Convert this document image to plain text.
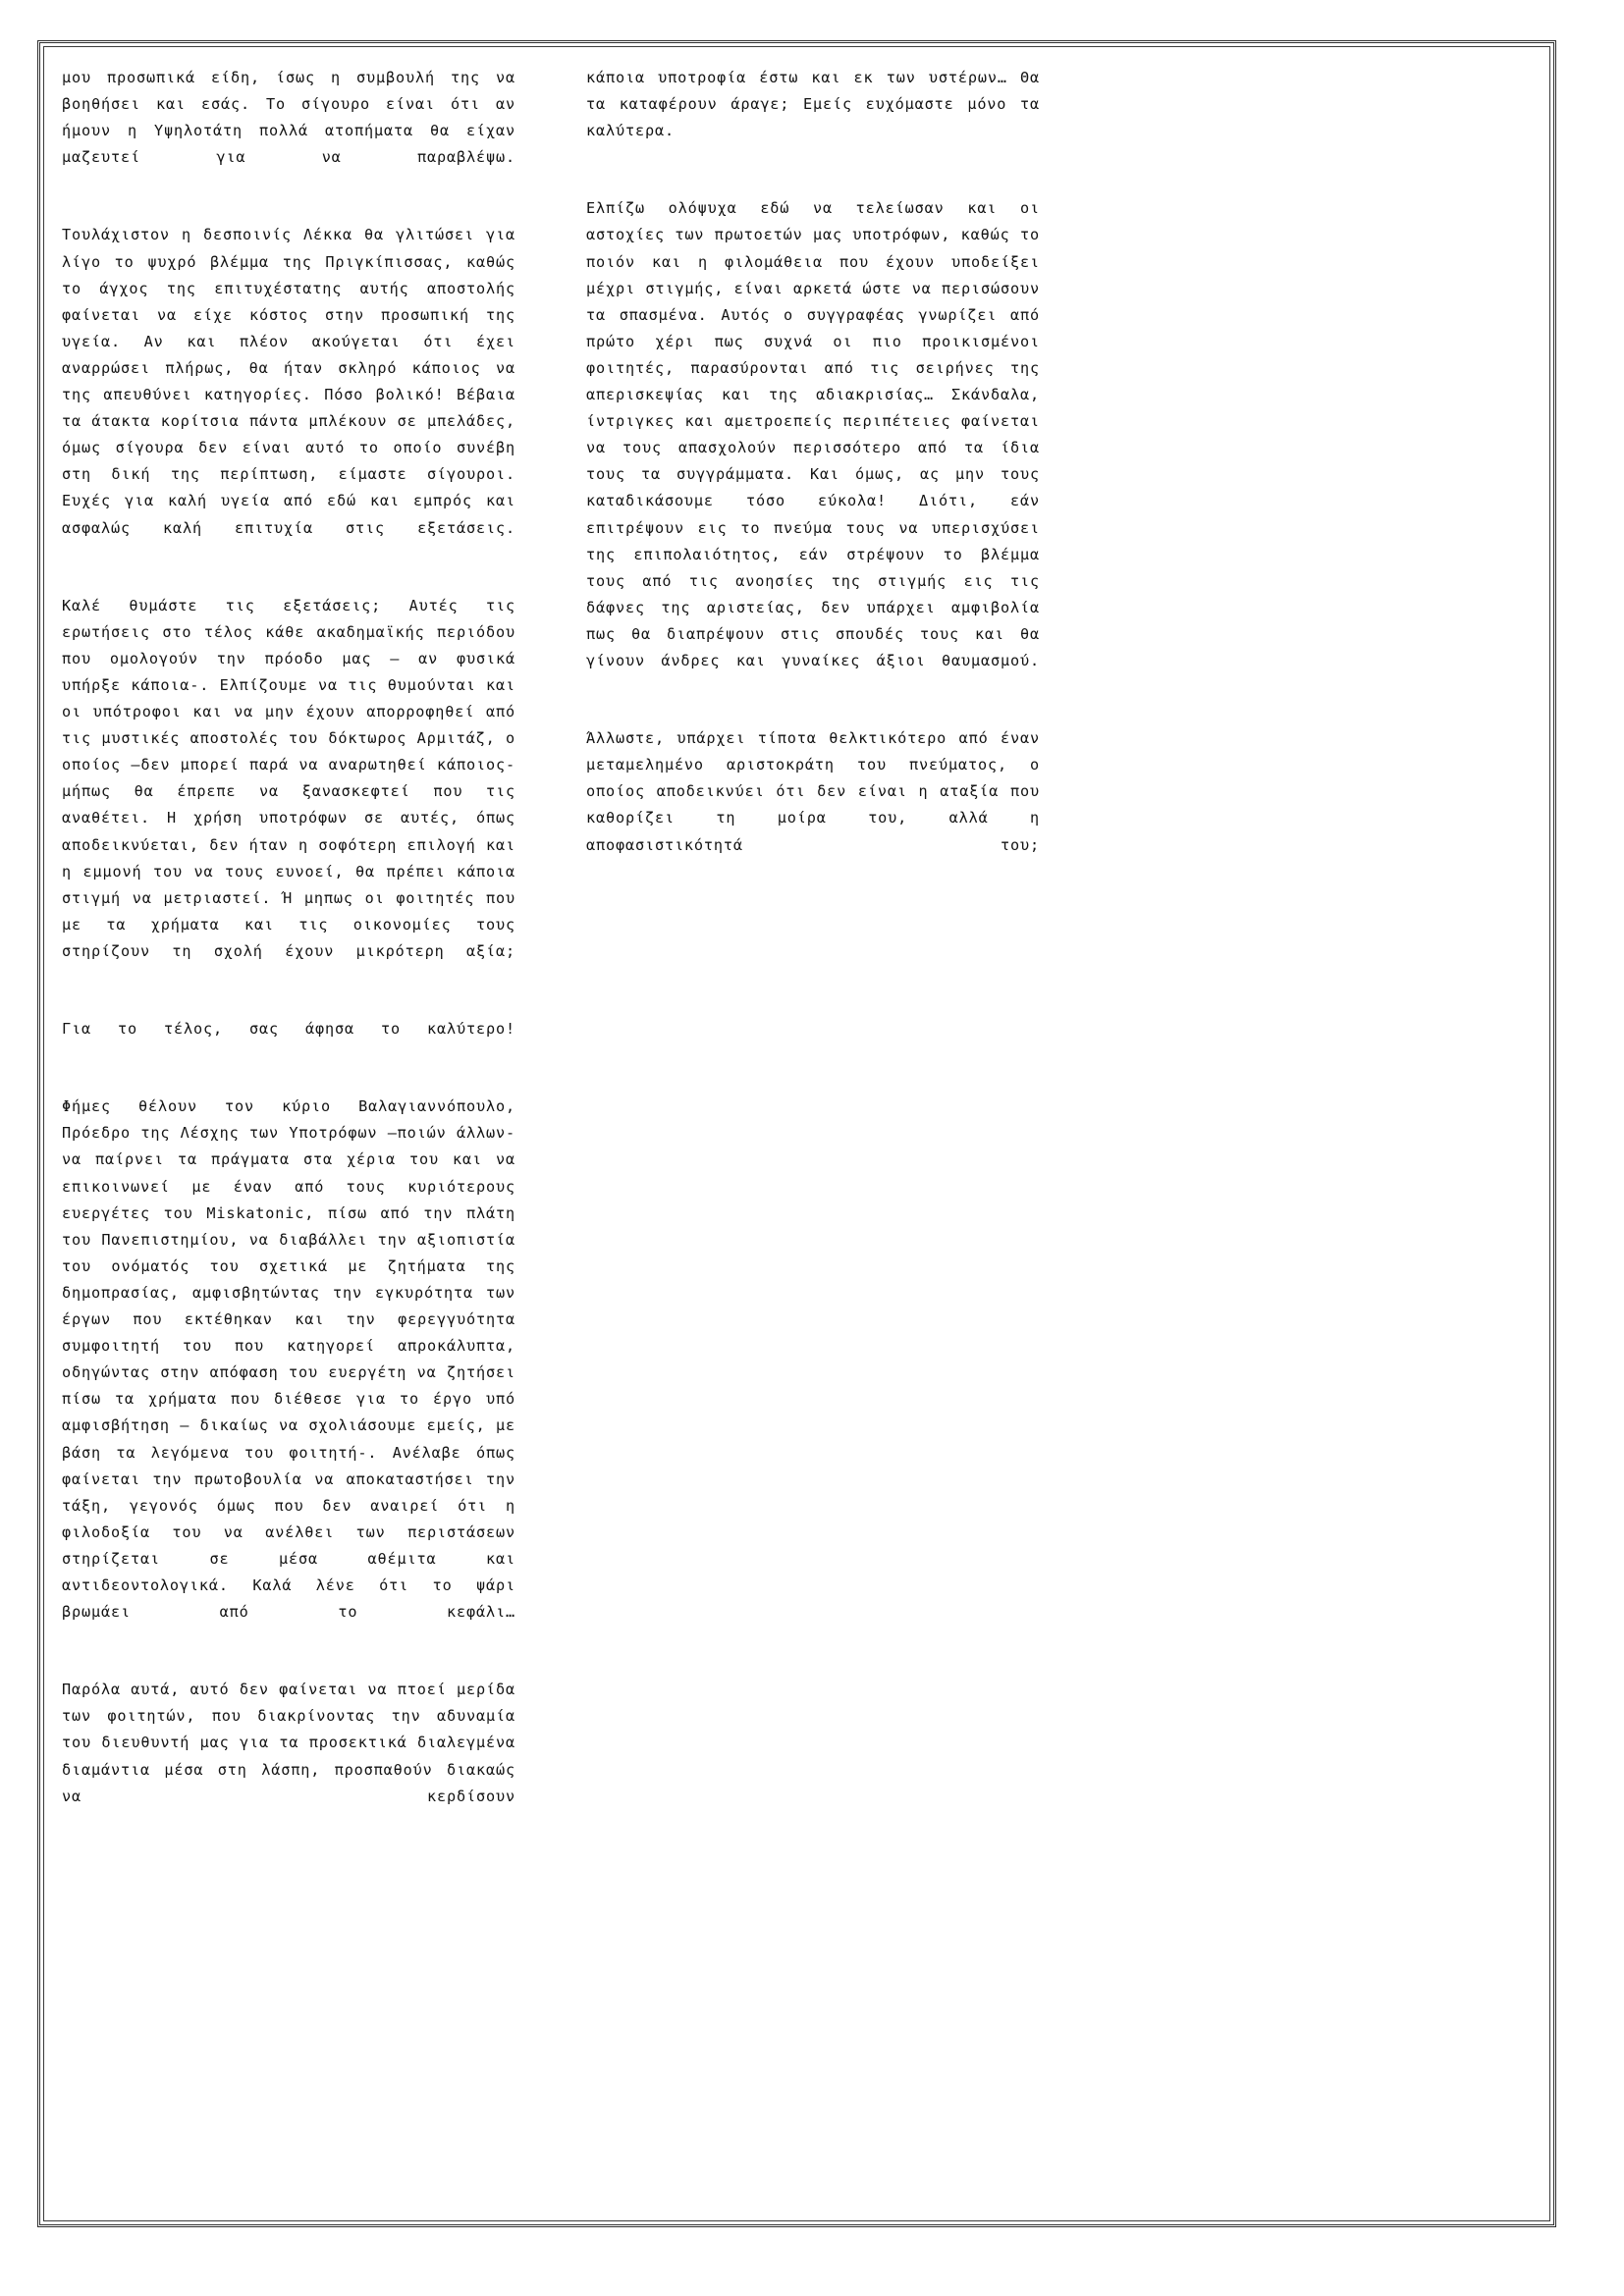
μου προσωπικά είδη, ίσως η συμβουλή της να βοηθήσει και εσάς. Το σίγουρο είναι ότι αν ήμουν η Υψηλοτάτη πολλά ατοπήματα θα είχαν μαζευτεί για να παραβλέψω.

Τουλάχιστον η δεσποινίς Λέκκα θα γλιτώσει για λίγο το ψυχρό βλέμμα της Πριγκίπισσας, καθώς το άγχος της επιτυχέστατης αυτής αποστολής φαίνεται να είχε κόστος στην προσωπική της υγεία. Αν και πλέον ακούγεται ότι έχει αναρρώσει πλήρως, θα ήταν σκληρό κάποιος να της απευθύνει κατηγορίες. Πόσο βολικό! Βέβαια τα άτακτα κορίτσια πάντα μπλέκουν σε μπελάδες, όμως σίγουρα δεν είναι αυτό το οποίο συνέβη στη δική της περίπτωση, είμαστε σίγουροι. Ευχές για καλή υγεία από εδώ και εμπρός και ασφαλώς καλή επιτυχία στις εξετάσεις.

Καλέ θυμάστε τις εξετάσεις; Αυτές τις ερωτήσεις στο τέλος κάθε ακαδημαϊκής περιόδου που ομολογούν την πρόοδο μας – αν φυσικά υπήρξε κάποια-. Ελπίζουμε να τις θυμούνται και οι υπότροφοι και να μην έχουν απορροφηθεί από τις μυστικές αποστολές του δόκτωρος Αρμιτάζ, ο οποίος –δεν μπορεί παρά να αναρωτηθεί κάποιος- μήπως θα έπρεπε να ξανασκεφτεί που τις αναθέτει. Η χρήση υποτρόφων σε αυτές, όπως αποδεικνύεται, δεν ήταν η σοφότερη επιλογή και η εμμονή του να τους ευνοεί, θα πρέπει κάποια στιγμή να μετριαστεί. Ή μηπως οι φοιτητές που με τα χρήματα και τις οικονομίες τους στηρίζουν τη σχολή έχουν μικρότερη αξία;

Για το τέλος, σας άφησα το καλύτερο!

Φήμες θέλουν τον κύριο Βαλαγιαννόπουλο, Πρόεδρο της Λέσχης των Υποτρόφων –ποιών άλλων- να παίρνει τα πράγματα στα χέρια του και να επικοινωνεί με έναν από τους κυριότερους ευεργέτες του Miskatonic, πίσω από την πλάτη του Πανεπιστημίου, να διαβάλλει την αξιοπιστία του ονόματός του σχετικά με ζητήματα της δημοπρασίας, αμφισβητώντας την εγκυρότητα των έργων που εκτέθηκαν και την φερεγγυότητα συμφοιτητή του που κατηγορεί απροκάλυπτα, οδηγώντας στην απόφαση του ευεργέτη να ζητήσει πίσω τα χρήματα που διέθεσε για το έργο υπό αμφισβήτηση – δικαίως να σχολιάσουμε εμείς, με βάση τα λεγόμενα του φοιτητή-. Ανέλαβε όπως φαίνεται την πρωτοβουλία να αποκαταστήσει την τάξη, γεγονός όμως που δεν αναιρεί ότι η φιλοδοξία του να ανέλθει των περιστάσεων στηρίζεται σε μέσα αθέμιτα και αντιδεοντολογικά. Καλά λένε ότι το ψάρι βρωμάει από το κεφάλι…

Παρόλα αυτά, αυτό δεν φαίνεται να πτοεί μερίδα των φοιτητών, που διακρίνοντας την αδυναμία του διευθυντή μας για τα προσεκτικά διαλεγμένα διαμάντια μέσα στη λάσπη, προσπαθούν διακαώς να κερδίσουν

κάποια υποτροφία έστω και εκ των υστέρων… Θα τα καταφέρουν άραγε; Εμείς ευχόμαστε μόνο τα καλύτερα.

Ελπίζω ολόψυχα εδώ να τελείωσαν και οι αστοχίες των πρωτοετών μας υποτρόφων, καθώς το ποιόν και η φιλομάθεια που έχουν υποδείξει μέχρι στιγμής, είναι αρκετά ώστε να περισώσουν τα σπασμένα. Αυτός ο συγγραφέας γνωρίζει από πρώτο χέρι πως συχνά οι πιο προικισμένοι φοιτητές, παρασύρονται από τις σειρήνες της απερισκεψίας και της αδιακρισίας… Σκάνδαλα, ίντριγκες και αμετροεπείς περιπέτειες φαίνεται να τους απασχολούν περισσότερο από τα ίδια τους τα συγγράμματα. Και όμως, ας μην τους καταδικάσουμε τόσο εύκολα! Διότι, εάν επιτρέψουν εις το πνεύμα τους να υπερισχύσει της επιπολαιότητος, εάν στρέψουν το βλέμμα τους από τις ανοησίες της στιγμής εις τις δάφνες της αριστείας, δεν υπάρχει αμφιβολία πως θα διαπρέψουν στις σπουδές τους και θα γίνουν άνδρες και γυναίκες άξιοι θαυμασμού.

Άλλωστε, υπάρχει τίποτα θελκτικότερο από έναν μεταμελημένο αριστοκράτη του πνεύματος, ο οποίος αποδεικνύει ότι δεν είναι η αταξία που καθορίζει τη μοίρα του, αλλά η αποφασιστικότητά του;
